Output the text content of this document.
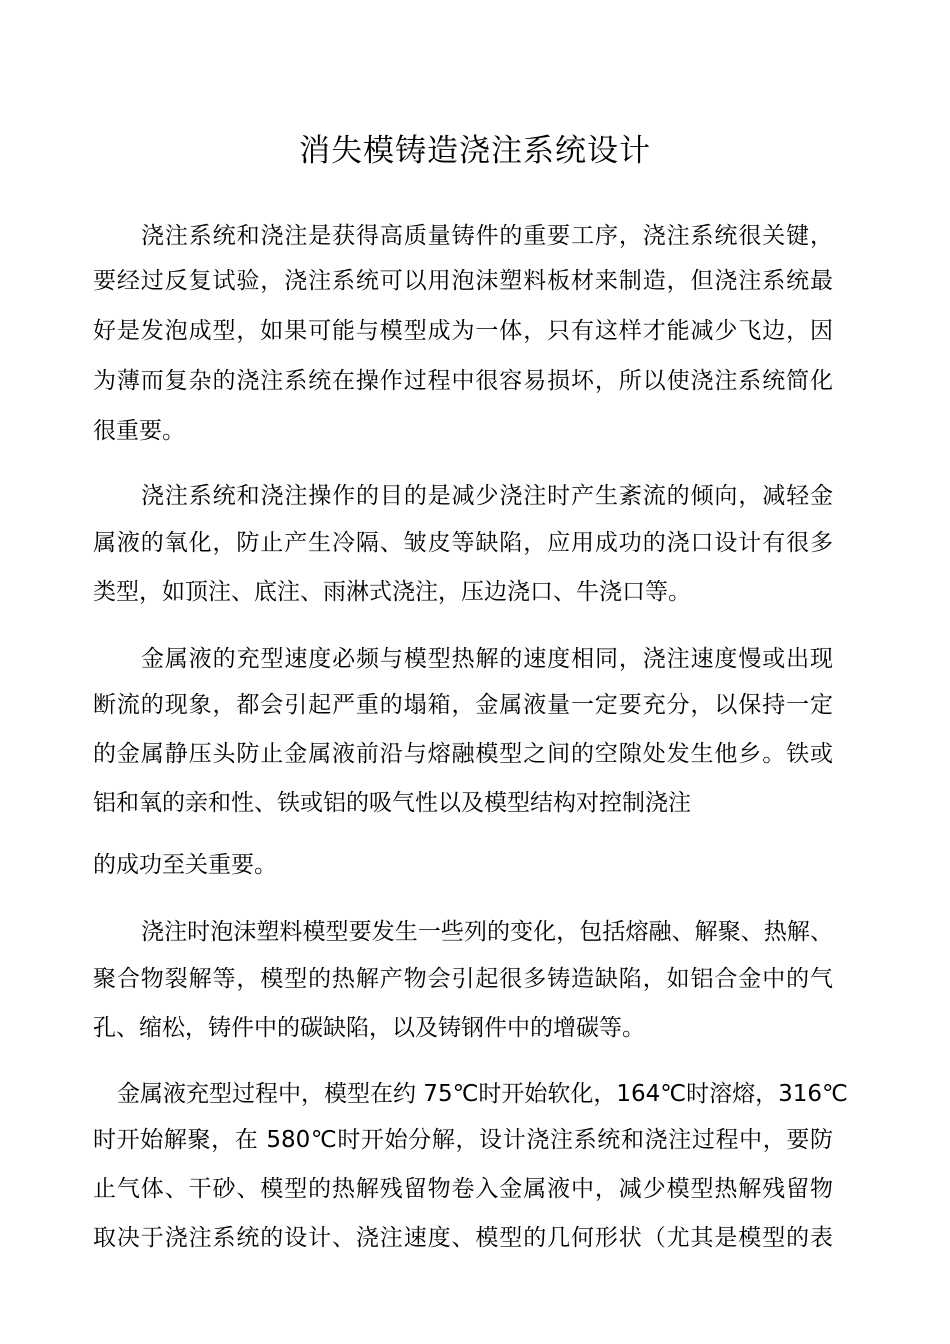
消失模铸造浇注系统设计

浇注系统和浇注是获得高质量铸件的重要工序，浇注系统很关键，

要经过反复试验，浇注系统可以用泡沫塑料板材来制造，但浇注系统最

好是发泡成型，如果可能与模型成为一体，只有这样才能减少飞边，因

为薄而复杂的浇注系统在操作过程中很容易损坏，所以使浇注系统简化

很重要。

浇注系统和浇注操作的目的是减少浇注时产生紊流的倾向，减轻金

属液的氧化，防止产生冷隔、皱皮等缺陷，应用成功的浇口设计有很多

类型，如顶注、底注、雨淋式浇注，压边浇口、牛浇口等。

金属液的充型速度必频与模型热解的速度相同，浇注速度慢或出现

断流的现象，都会引起严重的塌箱，金属液量一定要充分，以保持一定

的金属静压头防止金属液前沿与熔融模型之间的空隙处发生他乡。铁或

铝和氧的亲和性、铁或铝的吸气性以及模型结构对控制浇注

的成功至关重要。

浇注时泡沫塑料模型要发生一些列的变化，包括熔融、解聚、热解、

聚合物裂解等，模型的热解产物会引起很多铸造缺陷，如铝合金中的气

孔、缩松，铸件中的碳缺陷，以及铸钢件中的增碳等。

金属液充型过程中，模型在约 75℃时开始软化，164℃时溶熔，316℃

时开始解聚，在 580℃时开始分解，设计浇注系统和浇注过程中，要防

止气体、干砂、模型的热解残留物卷入金属液中，减少模型热解残留物

取决于浇注系统的设计、浇注速度、模型的几何形状（尤其是模型的表
